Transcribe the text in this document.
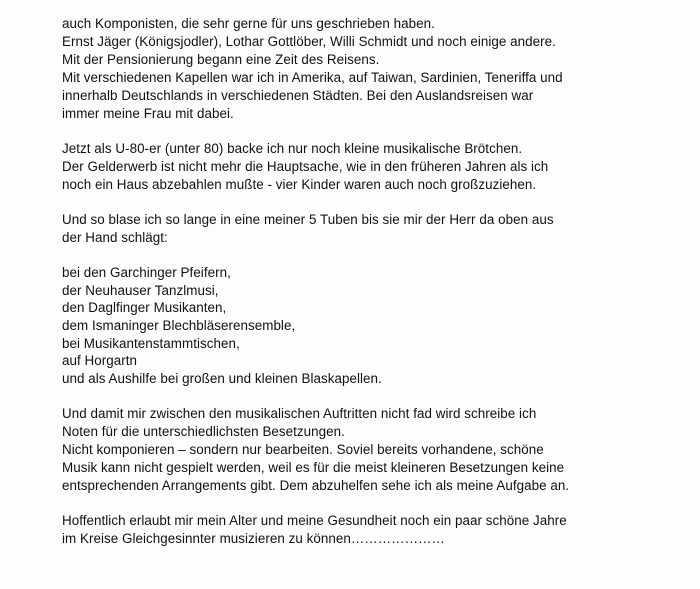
auch Komponisten, die sehr gerne für uns geschrieben haben.
Ernst Jäger (Königsjodler), Lothar Gottlöber, Willi Schmidt und noch einige andere.
Mit der Pensionierung begann eine Zeit des Reisens.
Mit verschiedenen Kapellen war ich in Amerika, auf Taiwan, Sardinien, Teneriffa und
innerhalb Deutschlands in verschiedenen Städten. Bei den Auslandsreisen war
immer meine Frau mit dabei.
Jetzt als U-80-er (unter 80) backe ich nur noch kleine musikalische Brötchen.
Der Gelderwerb ist nicht mehr die Hauptsache, wie in den früheren Jahren als ich
noch ein Haus abzebahlen mußte - vier Kinder waren auch noch großzuziehen.
Und so blase ich so lange in eine meiner 5 Tuben bis sie mir der Herr da oben aus
der Hand schlägt:
bei den Garchinger Pfeifern,
der Neuhauser Tanzlmusi,
den Daglfinger Musikanten,
dem Ismaninger Blechbläserensemble,
bei Musikantenstammtischen,
auf Horgartn
und als Aushilfe bei großen und kleinen Blaskapellen.
Und damit mir zwischen den musikalischen Auftritten nicht fad wird schreibe ich
Noten für die unterschiedlichsten Besetzungen.
Nicht komponieren – sondern nur bearbeiten. Soviel bereits vorhandene, schöne
Musik kann nicht gespielt werden, weil es für die meist kleineren Besetzungen keine
entsprechenden Arrangements gibt. Dem abzuhelfen sehe ich als meine Aufgabe an.
Hoffentlich erlaubt mir mein Alter und meine Gesundheit noch ein paar schöne Jahre
im Kreise Gleichgesinnter musizieren zu können…………………
